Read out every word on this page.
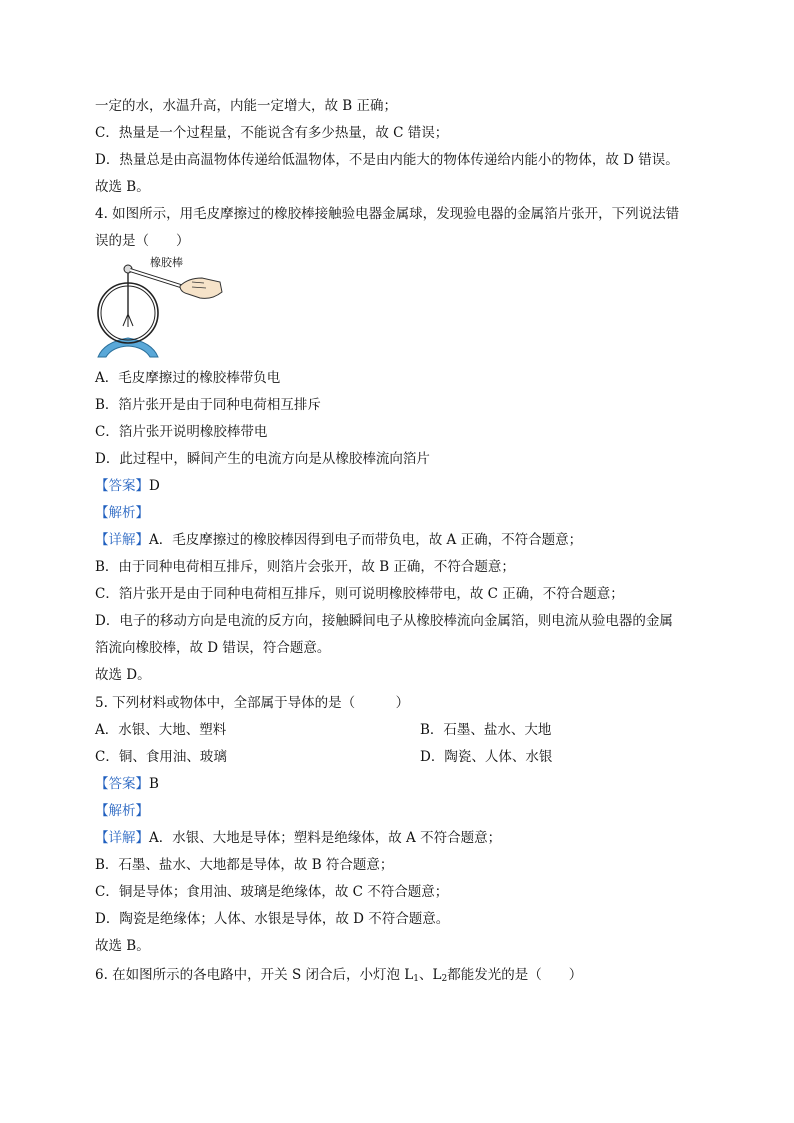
一定的水，水温升高，内能一定增大，故 B 正确；
C．热量是一个过程量，不能说含有多少热量，故 C 错误；
D．热量总是由高温物体传递给低温物体，不是由内能大的物体传递给内能小的物体，故 D 错误。
故选 B。
4. 如图所示，用毛皮摩擦过的橡胶棒接触验电器金属球，发现验电器的金属箔片张开，下列说法错
误的是（　　）
橡胶棒
A．毛皮摩擦过的橡胶棒带负电
B．箔片张开是由于同种电荷相互排斥
C．箔片张开说明橡胶棒带电
D．此过程中，瞬间产生的电流方向是从橡胶棒流向箔片
【答案】D
【解析】
【详解】A．毛皮摩擦过的橡胶棒因得到电子而带负电，故 A 正确，不符合题意；
B．由于同种电荷相互排斥，则箔片会张开，故 B 正确，不符合题意；
C．箔片张开是由于同种电荷相互排斥，则可说明橡胶棒带电，故 C 正确，不符合题意；
D．电子的移动方向是电流的反方向，接触瞬间电子从橡胶棒流向金属箔，则电流从验电器的金属
箔流向橡胶棒，故 D 错误，符合题意。
故选 D。
5. 下列材料或物体中，全部属于导体的是（　　　）
A．水银、大地、塑料	B．石墨、盐水、大地
C．铜、食用油、玻璃	D．陶瓷、人体、水银
【答案】B
【解析】
【详解】A．水银、大地是导体；塑料是绝缘体，故 A 不符合题意；
B．石墨、盐水、大地都是导体，故 B 符合题意；
C．铜是导体；食用油、玻璃是绝缘体，故 C 不符合题意；
D．陶瓷是绝缘体；人体、水银是导体，故 D 不符合题意。
故选 B。
6. 在如图所示的各电路中，开关 S 闭合后，小灯泡 $L_1$、$L_2$都能发光的是（　　）
